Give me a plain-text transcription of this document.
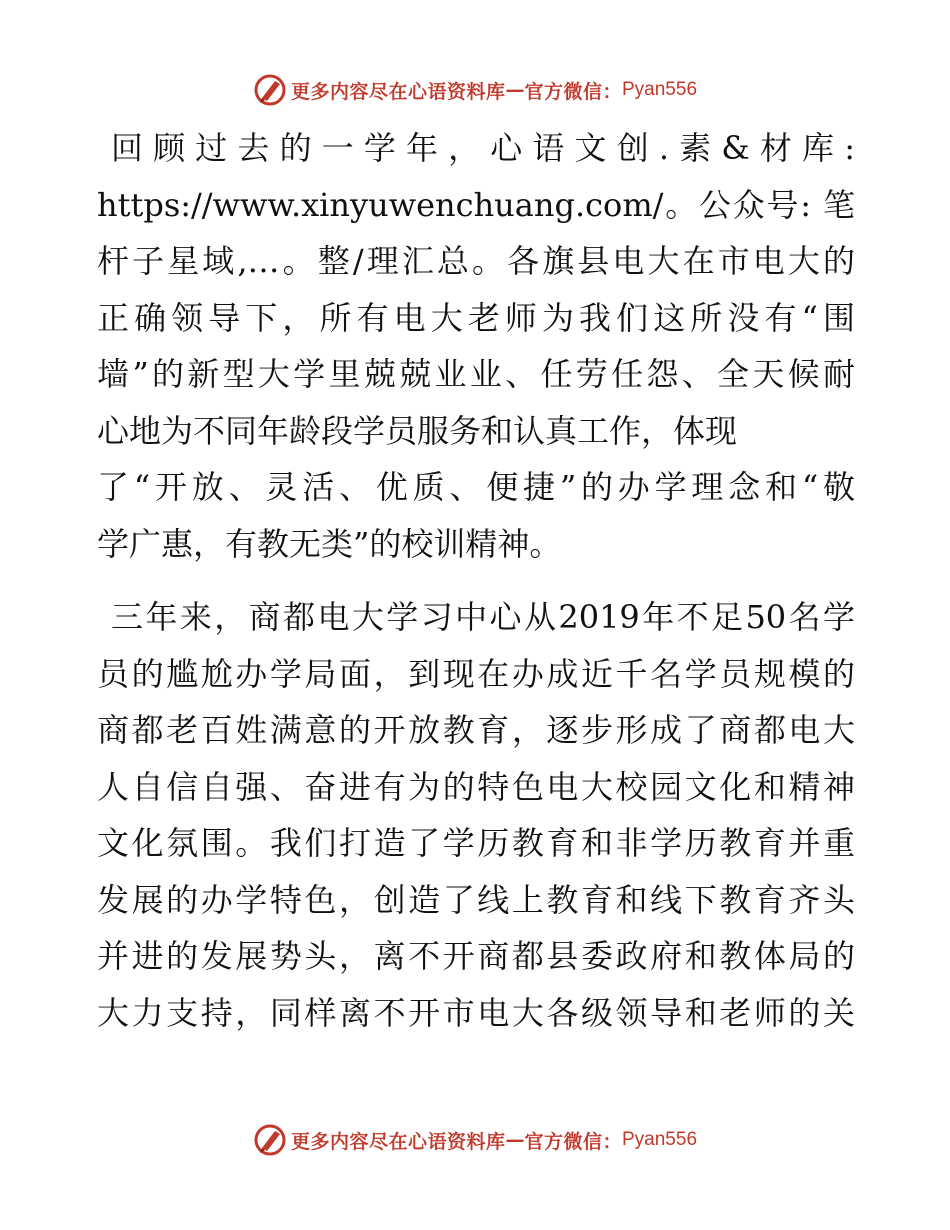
更多内容尽在心语资料库 — 官方微信： Pyan556

回顾过去的一学年，心语文创.素&材库:
https://www.xinyuwenchuang.com/。公众号: 笔
杆子星域,…。整/理汇总。各旗县电大在市电大的
正确领导下，所有电大老师为我们这所没有“围
墙”的新型大学里兢兢业业、任劳任怨、全天候耐
心地为不同年龄段学员服务和认真工作，体现
了“开放、灵活、优质、便捷”的办学理念和“敬
学广惠，有教无类”的校训精神。

三年来，商都电大学习中心从2019年不足50名学
员的尴尬办学局面，到现在办成近千名学员规模的
商都老百姓满意的开放教育，逐步形成了商都电大
人自信自强、奋进有为的特色电大校园文化和精神
文化氛围。我们打造了学历教育和非学历教育并重
发展的办学特色，创造了线上教育和线下教育齐头
并进的发展势头，离不开商都县委政府和教体局的
大力支持，同样离不开市电大各级领导和老师的关

更多内容尽在心语资料库 — 官方微信： Pyan556
